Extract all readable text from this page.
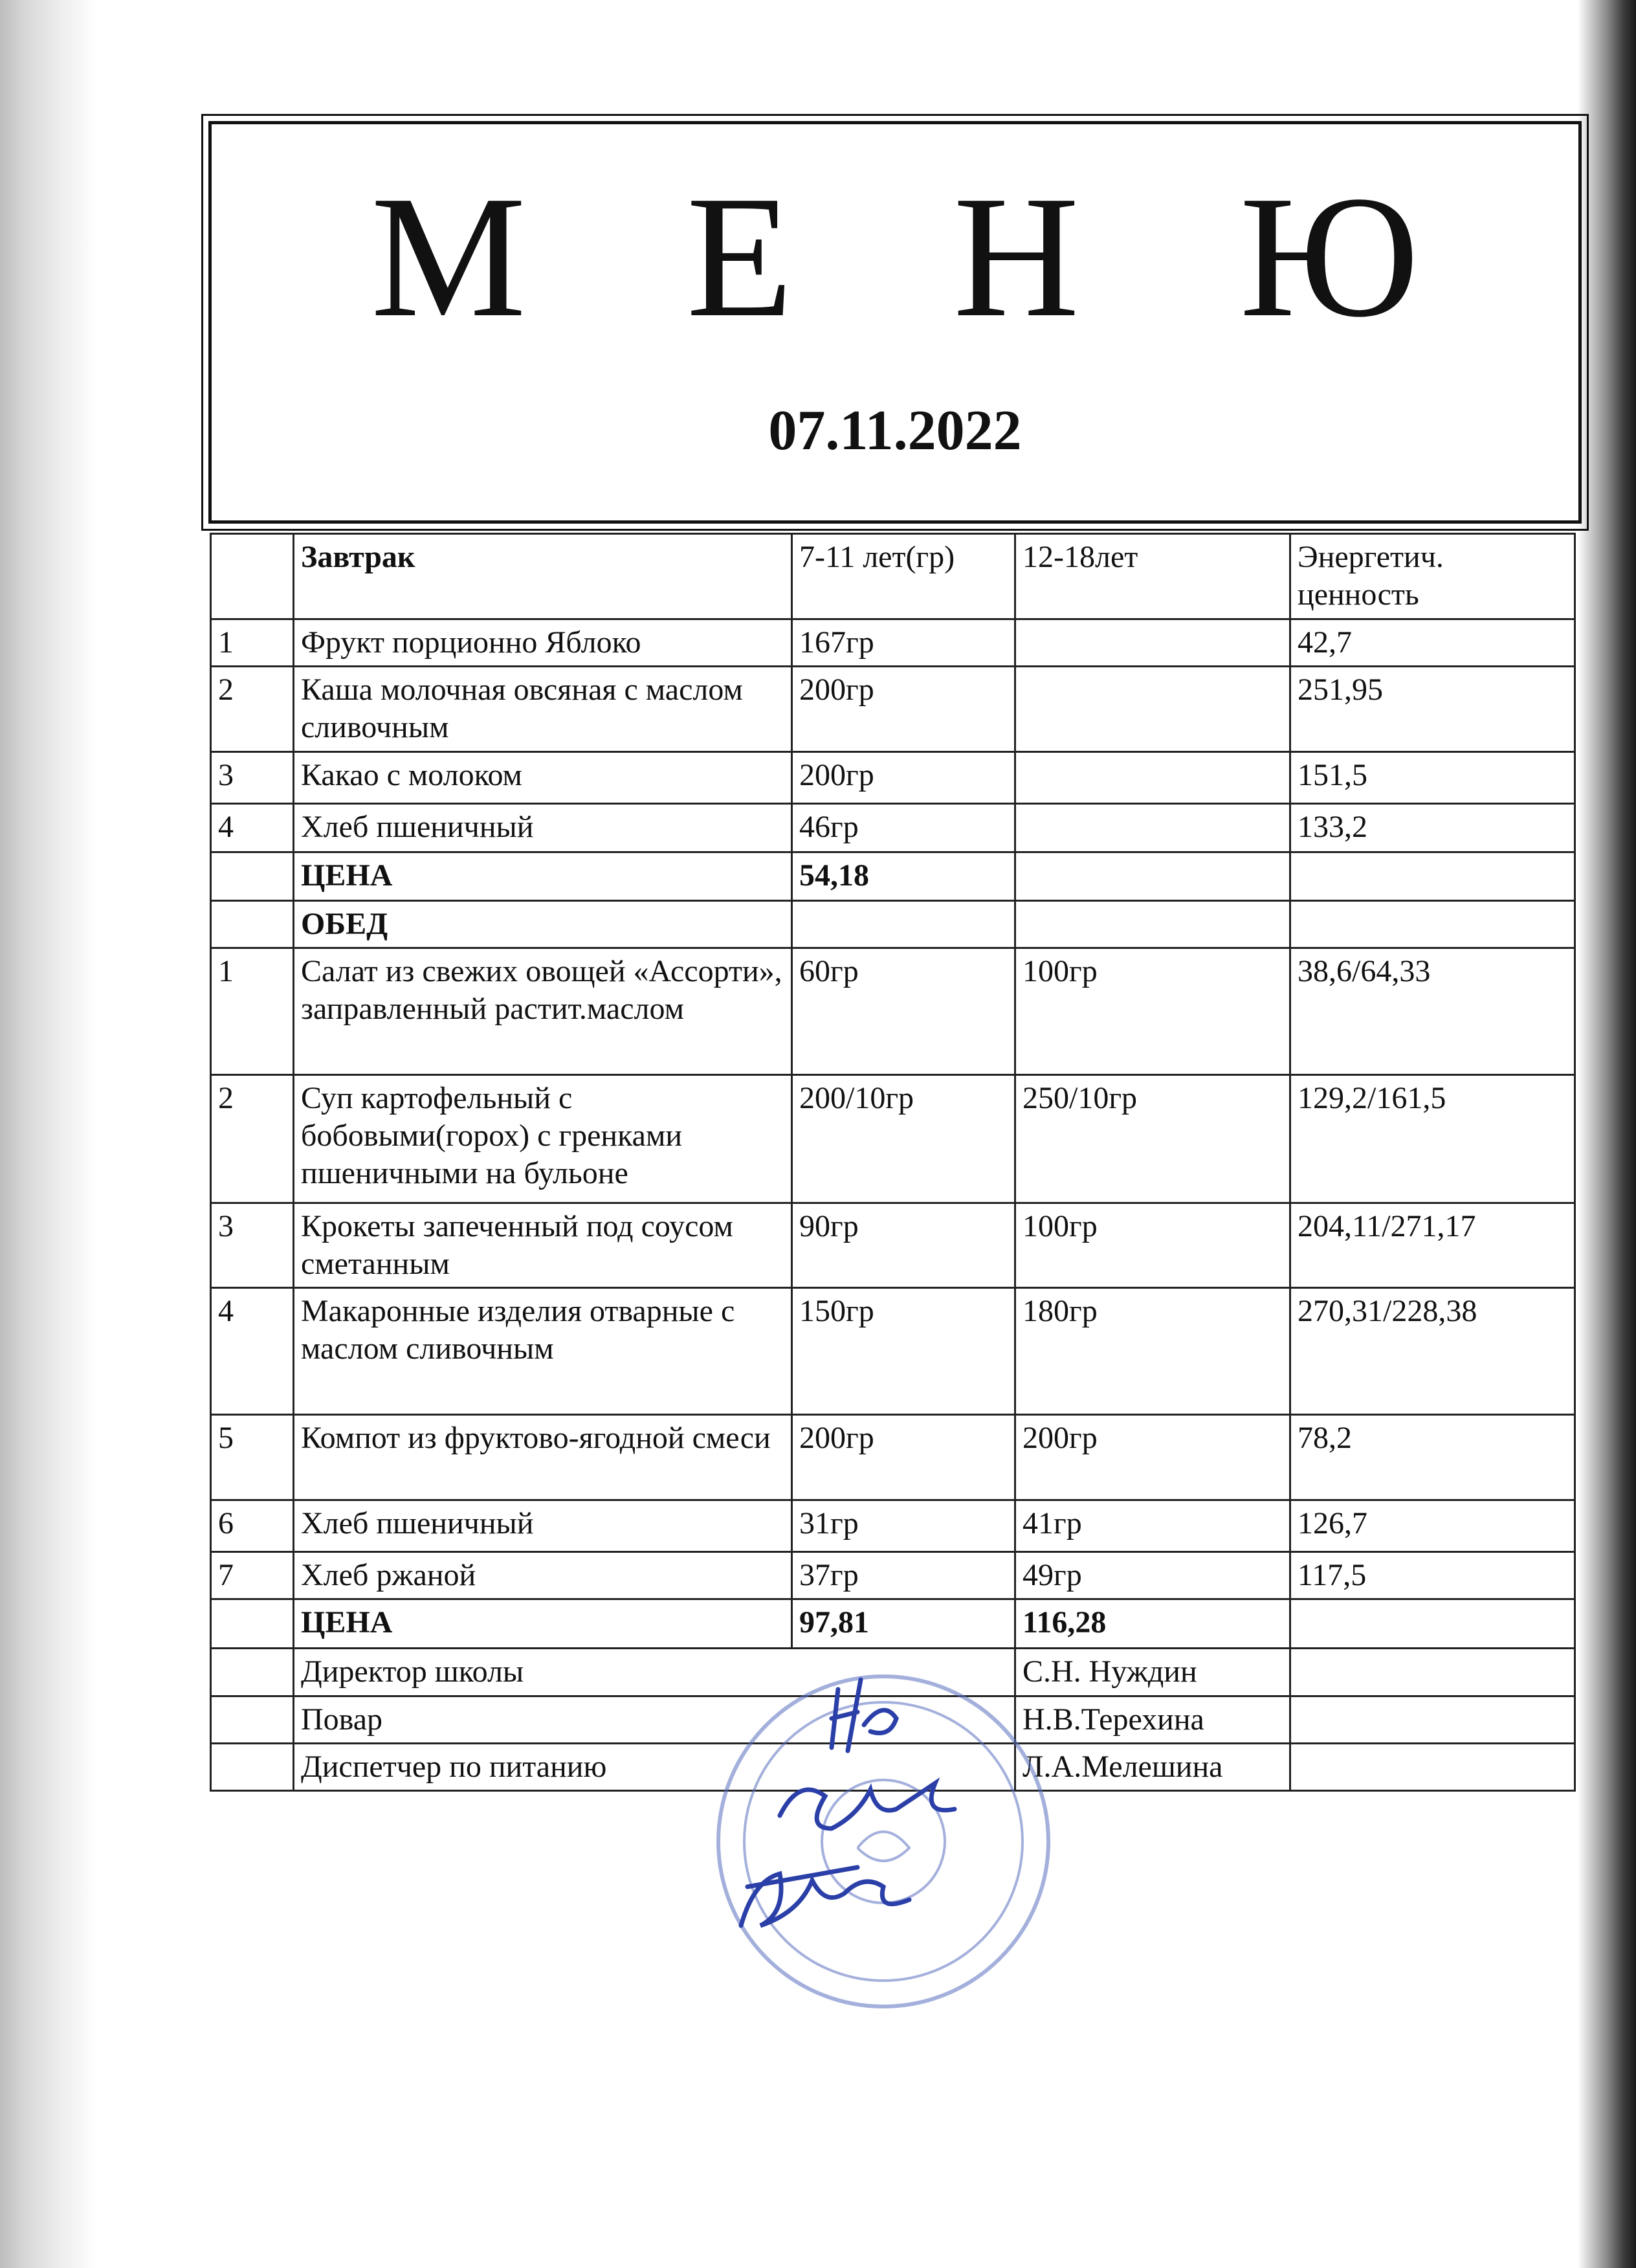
М Е Н Ю
07.11.2022
	Завтрак	7-11 лет(гр)	12-18лет	Энергетич. ценность
1	Фрукт порционно Яблоко	167гр		42,7
2	Каша молочная овсяная с маслом сливочным	200гр		251,95
3	Какао с молоком	200гр		151,5
4	Хлеб пшеничный	46гр		133,2
	ЦЕНА	54,18		
	ОБЕД			
1	Салат из свежих овощей «Ассорти», заправленный растит.маслом	60гр	100гр	38,6/64,33
2	Суп картофельный с бобовыми(горох) с гренками пшеничными на бульоне	200/10гр	250/10гр	129,2/161,5
3	Крокеты запеченный под соусом сметанным	90гр	100гр	204,11/271,17
4	Макаронные изделия отварные с маслом сливочным	150гр	180гр	270,31/228,38
5	Компот из фруктово-ягодной смеси	200гр	200гр	78,2
6	Хлеб пшеничный	31гр	41гр	126,7
7	Хлеб ржаной	37гр	49гр	117,5
	ЦЕНА	97,81	116,28	
	Директор школы		С.Н. Нуждин	
	Повар		Н.В.Терехина	
	Диспетчер по питанию		Л.А.Мелешина	
